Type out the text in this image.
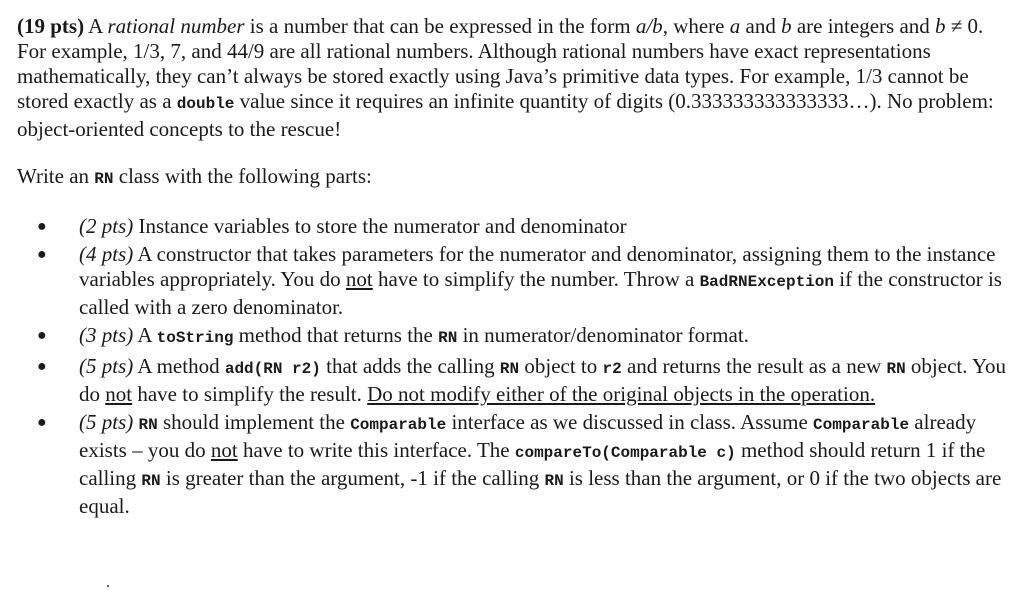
(19 pts) A rational number is a number that can be expressed in the form a/b, where a and b are integers and b ≠ 0. For example, 1/3, 7, and 44/9 are all rational numbers. Although rational numbers have exact representations mathematically, they can’t always be stored exactly using Java’s primitive data types. For example, 1/3 cannot be stored exactly as a double value since it requires an infinite quantity of digits (0.333333333333333…). No problem: object-oriented concepts to the rescue!

Write an RN class with the following parts:

● (2 pts) Instance variables to store the numerator and denominator
● (4 pts) A constructor that takes parameters for the numerator and denominator, assigning them to the instance variables appropriately. You do not have to simplify the number. Throw a BadRNException if the constructor is called with a zero denominator.
● (3 pts) A toString method that returns the RN in numerator/denominator format.
● (5 pts) A method add(RN r2) that adds the calling RN object to r2 and returns the result as a new RN object. You do not have to simplify the result. Do not modify either of the original objects in the operation.
● (5 pts) RN should implement the Comparable interface as we discussed in class. Assume Comparable already exists – you do not have to write this interface. The compareTo(Comparable c) method should return 1 if the calling RN is greater than the argument, -1 if the calling RN is less than the argument, or 0 if the two objects are equal.
